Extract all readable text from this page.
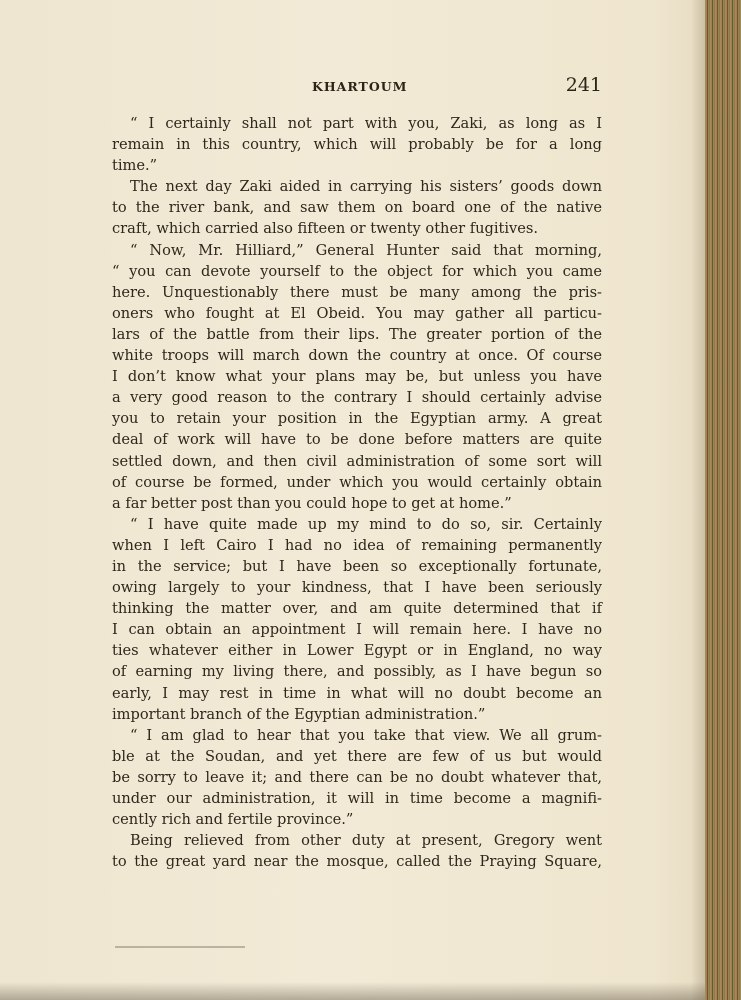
KHARTOUM	241
“ I certainly shall not part with you, Zaki, as long as I
remain in this country, which will probably be for a long
time.”
The next day Zaki aided in carrying his sisters’ goods down
to the river bank, and saw them on board one of the native
craft, which carried also fifteen or twenty other fugitives.
“ Now, Mr. Hilliard,” General Hunter said that morning,
“ you can devote yourself to the object for which you came
here. Unquestionably there must be many among the pris-
oners who fought at El Obeid. You may gather all particu-
lars of the battle from their lips. The greater portion of the
white troops will march down the country at once. Of course
I don’t know what your plans may be, but unless you have
a very good reason to the contrary I should certainly advise
you to retain your position in the Egyptian army. A great
deal of work will have to be done before matters are quite
settled down, and then civil administration of some sort will
of course be formed, under which you would certainly obtain
a far better post than you could hope to get at home.”
“ I have quite made up my mind to do so, sir. Certainly
when I left Cairo I had no idea of remaining permanently
in the service; but I have been so exceptionally fortunate,
owing largely to your kindness, that I have been seriously
thinking the matter over, and am quite determined that if
I can obtain an appointment I will remain here. I have no
ties whatever either in Lower Egypt or in England, no way
of earning my living there, and possibly, as I have begun so
early, I may rest in time in what will no doubt become an
important branch of the Egyptian administration.”
“ I am glad to hear that you take that view. We all grum-
ble at the Soudan, and yet there are few of us but would
be sorry to leave it; and there can be no doubt whatever that,
under our administration, it will in time become a magnifi-
cently rich and fertile province.”
Being relieved from other duty at present, Gregory went
to the great yard near the mosque, called the Praying Square,
